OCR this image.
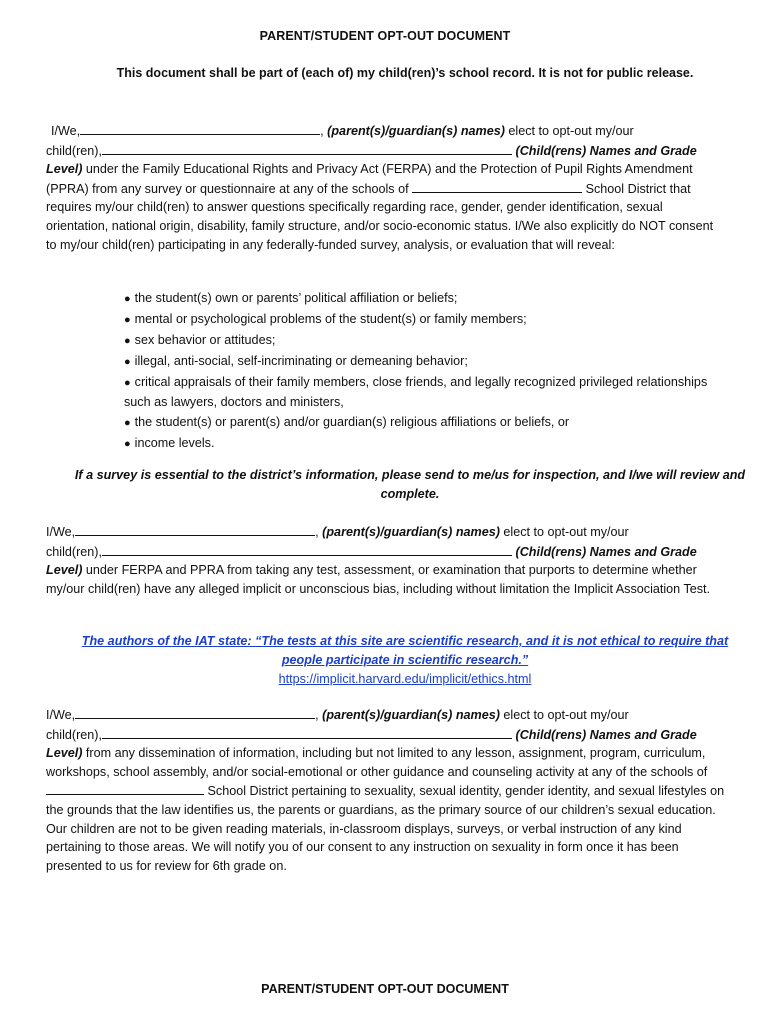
PARENT/STUDENT OPT-OUT DOCUMENT
This document shall be part of (each of) my child(ren)’s school record. It is not for public release.
I/We,	, (parent(s)/guardian(s) names) elect to opt-out my/our
child(ren),	(Child(rens) Names and Grade Level) under the Family Educational Rights and Privacy Act (FERPA) and the Protection of Pupil Rights Amendment (PPRA) from any survey or questionnaire at any of the schools of	School District that requires my/our child(ren) to answer questions specifically regarding race, gender, gender identification, sexual orientation, national origin, disability, family structure, and/or socio-economic status. I/We also explicitly do NOT consent to my/our child(ren) participating in any federally-funded survey, analysis, or evaluation that will reveal:
● the student(s) own or parents’ political affiliation or beliefs;
● mental or psychological problems of the student(s) or family members;
● sex behavior or attitudes;
● illegal, anti-social, self-incriminating or demeaning behavior;
● critical appraisals of their family members, close friends, and legally recognized privileged relationships such as lawyers, doctors and ministers,
● the student(s) or parent(s) and/or guardian(s) religious affiliations or beliefs, or
● income levels.
If a survey is essential to the district’s information, please send to me/us for inspection, and I/we will review and complete.
I/We,	, (parent(s)/guardian(s) names) elect to opt-out my/our
child(ren),	(Child(rens) Names and Grade Level) under FERPA and PPRA from taking any test, assessment, or examination that purports to determine whether my/our child(ren) have any alleged implicit or unconscious bias, including without limitation the Implicit Association Test.
The authors of the IAT state: “The tests at this site are scientific research, and it is not ethical to require that people participate in scientific research.”
https://implicit.harvard.edu/implicit/ethics.html
I/We,	, (parent(s)/guardian(s) names) elect to opt-out my/our
child(ren),	(Child(rens) Names and Grade Level) from any dissemination of information, including but not limited to any lesson, assignment, program, curriculum, workshops, school assembly, and/or social-emotional or other guidance and counseling activity at any of the schools of  School District pertaining to sexuality, sexual identity, gender identity, and sexual lifestyles on the grounds that the law identifies us, the parents or guardians, as the primary source of our children’s sexual education. Our children are not to be given reading materials, in-classroom displays, surveys, or verbal instruction of any kind pertaining to those areas. We will notify you of our consent to any instruction on sexuality in form once it has been presented to us for review for 6th grade on.
PARENT/STUDENT OPT-OUT DOCUMENT
